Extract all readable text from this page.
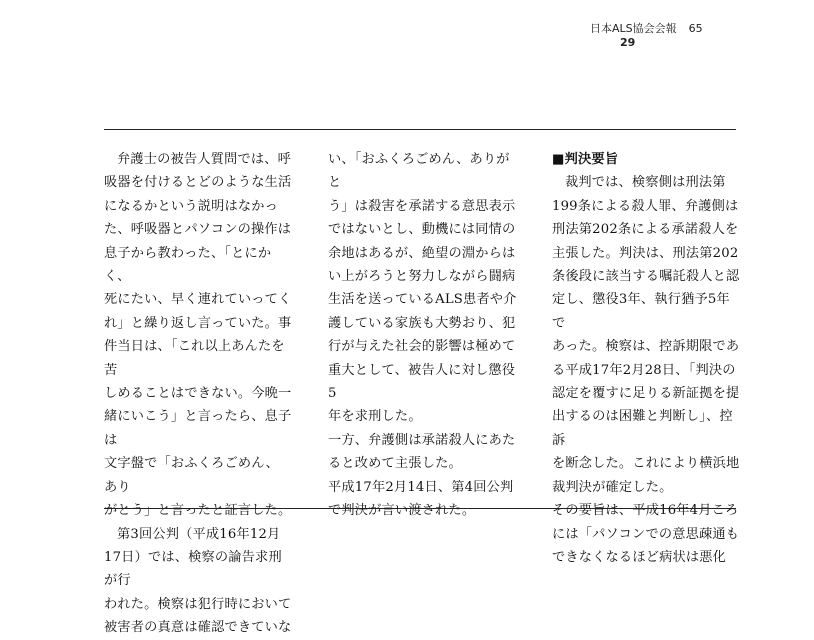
日本ALS協会会報 65
29

弁護士の被告人質問では、呼

吸器を付けるとどのような生活

になるかという説明はなかっ

た、呼吸器とパソコンの操作は

息子から教わった、「とにかく、

死にたい、早く連れていってく

れ」と繰り返し言っていた。事

件当日は、「これ以上あんたを苦

しめることはできない。今晩一

緒にいこう」と言ったら、息子は

文字盤で「おふくろごめん、あり

がとう」と言ったと証言した。

第3回公判（平成16年12月

17日）では、検察の論告求刑が行

われた。検察は犯行時において

被害者の真意は確認できていな

い、「おふくろごめん、ありがと

う」は殺害を承諾する意思表示

ではないとし、動機には同情の

余地はあるが、絶望の淵からは

い上がろうと努力しながら闘病

生活を送っているALS患者や介

護している家族も大勢おり、犯

行が与えた社会的影響は極めて

重大として、被告人に対し懲役5

年を求刑した。

一方、弁護側は承諾殺人にあた

ると改めて主張した。

平成17年2月14日、第4回公判

で判決が言い渡された。

■判決要旨

裁判では、検察側は刑法第

199条による殺人罪、弁護側は

刑法第202条による承諾殺人を

主張した。判決は、刑法第202

条後段に該当する嘱託殺人と認

定し、懲役3年、執行猶予5年で

あった。検察は、控訴期限であ

る平成17年2月28日、「判決の

認定を覆すに足りる新証拠を提

出するのは困難と判断し」、控訴

を断念した。これにより横浜地

裁判決が確定した。

その要旨は、平成16年4月ころ

には「パソコンでの意思疎通も

できなくなるほど病状は悪化
